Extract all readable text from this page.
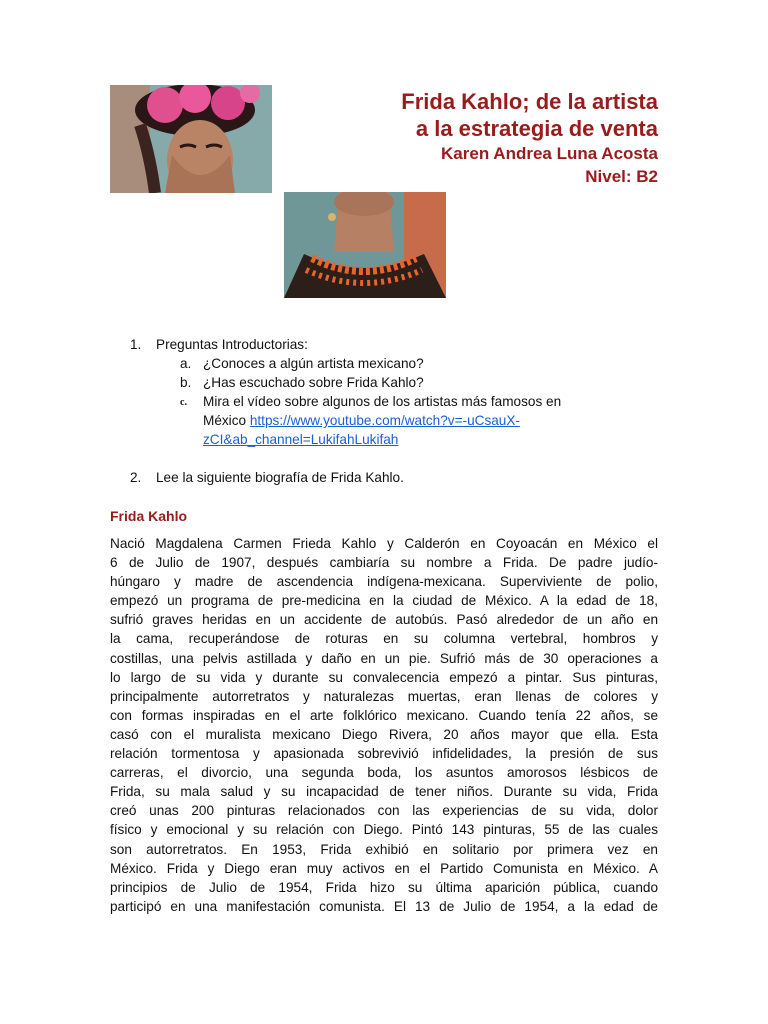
Frida Kahlo; de la artista
a la estrategia de venta
Karen Andrea Luna Acosta
Nivel: B2
1.	Preguntas Introductorias:
a. ¿Conoces a algún artista mexicano?
b. ¿Has escuchado sobre Frida Kahlo?
c. Mira el vídeo sobre algunos de los artistas más famosos en
México https://www.youtube.com/watch?v=-uCsauX-
zCI&ab_channel=LukifahLukifah
2.	Lee la siguiente biografía de Frida Kahlo.
Frida Kahlo
Nació Magdalena Carmen Frieda Kahlo y Calderón en Coyoacán en México el
6 de Julio de 1907, después cambiaría su nombre a Frida. De padre judío-
húngaro y madre de ascendencia indígena-mexicana. Superviviente de polio,
empezó un programa de pre-medicina en la ciudad de México. A la edad de 18,
sufrió graves heridas en un accidente de autobús. Pasó alrededor de un año en
la cama, recuperándose de roturas en su columna vertebral, hombros y
costillas, una pelvis astillada y daño en un pie. Sufrió más de 30 operaciones a
lo largo de su vida y durante su convalecencia empezó a pintar. Sus pinturas,
principalmente autorretratos y naturalezas muertas, eran llenas de colores y
con formas inspiradas en el arte folklórico mexicano. Cuando tenía 22 años, se
casó con el muralista mexicano Diego Rivera, 20 años mayor que ella. Esta
relación tormentosa y apasionada sobrevivió infidelidades, la presión de sus
carreras, el divorcio, una segunda boda, los asuntos amorosos lésbicos de
Frida, su mala salud y su incapacidad de tener niños. Durante su vida, Frida
creó unas 200 pinturas relacionados con las experiencias de su vida, dolor
físico y emocional y su relación con Diego. Pintó 143 pinturas, 55 de las cuales
son autorretratos. En 1953, Frida exhibió en solitario por primera vez en
México. Frida y Diego eran muy activos en el Partido Comunista en México. A
principios de Julio de 1954, Frida hizo su última aparición pública, cuando
participó en una manifestación comunista. El 13 de Julio de 1954, a la edad de
